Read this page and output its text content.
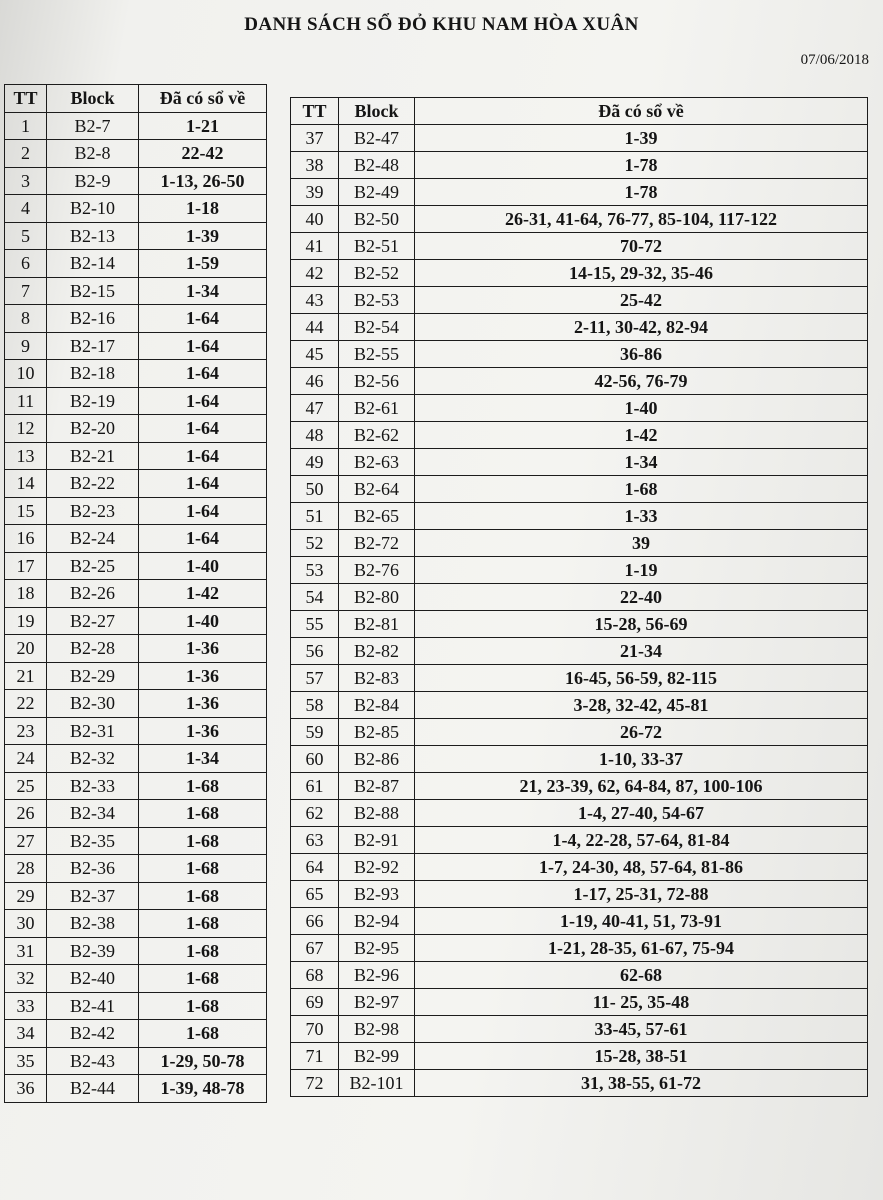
DANH SÁCH SỔ ĐỎ KHU NAM HÒA XUÂN
07/06/2018
TT	Block	Đã có sổ về
1	B2-7	1-21
2	B2-8	22-42
3	B2-9	1-13, 26-50
4	B2-10	1-18
5	B2-13	1-39
6	B2-14	1-59
7	B2-15	1-34
8	B2-16	1-64
9	B2-17	1-64
10	B2-18	1-64
11	B2-19	1-64
12	B2-20	1-64
13	B2-21	1-64
14	B2-22	1-64
15	B2-23	1-64
16	B2-24	1-64
17	B2-25	1-40
18	B2-26	1-42
19	B2-27	1-40
20	B2-28	1-36
21	B2-29	1-36
22	B2-30	1-36
23	B2-31	1-36
24	B2-32	1-34
25	B2-33	1-68
26	B2-34	1-68
27	B2-35	1-68
28	B2-36	1-68
29	B2-37	1-68
30	B2-38	1-68
31	B2-39	1-68
32	B2-40	1-68
33	B2-41	1-68
34	B2-42	1-68
35	B2-43	1-29, 50-78
36	B2-44	1-39, 48-78
TT	Block	Đã có sổ về
37	B2-47	1-39
38	B2-48	1-78
39	B2-49	1-78
40	B2-50	26-31, 41-64, 76-77, 85-104, 117-122
41	B2-51	70-72
42	B2-52	14-15, 29-32, 35-46
43	B2-53	25-42
44	B2-54	2-11, 30-42, 82-94
45	B2-55	36-86
46	B2-56	42-56, 76-79
47	B2-61	1-40
48	B2-62	1-42
49	B2-63	1-34
50	B2-64	1-68
51	B2-65	1-33
52	B2-72	39
53	B2-76	1-19
54	B2-80	22-40
55	B2-81	15-28, 56-69
56	B2-82	21-34
57	B2-83	16-45, 56-59, 82-115
58	B2-84	3-28, 32-42, 45-81
59	B2-85	26-72
60	B2-86	1-10, 33-37
61	B2-87	21, 23-39, 62, 64-84, 87, 100-106
62	B2-88	1-4, 27-40, 54-67
63	B2-91	1-4, 22-28, 57-64, 81-84
64	B2-92	1-7, 24-30, 48, 57-64, 81-86
65	B2-93	1-17, 25-31, 72-88
66	B2-94	1-19, 40-41, 51, 73-91
67	B2-95	1-21, 28-35, 61-67, 75-94
68	B2-96	62-68
69	B2-97	11- 25, 35-48
70	B2-98	33-45, 57-61
71	B2-99	15-28, 38-51
72	B2-101	31, 38-55, 61-72
